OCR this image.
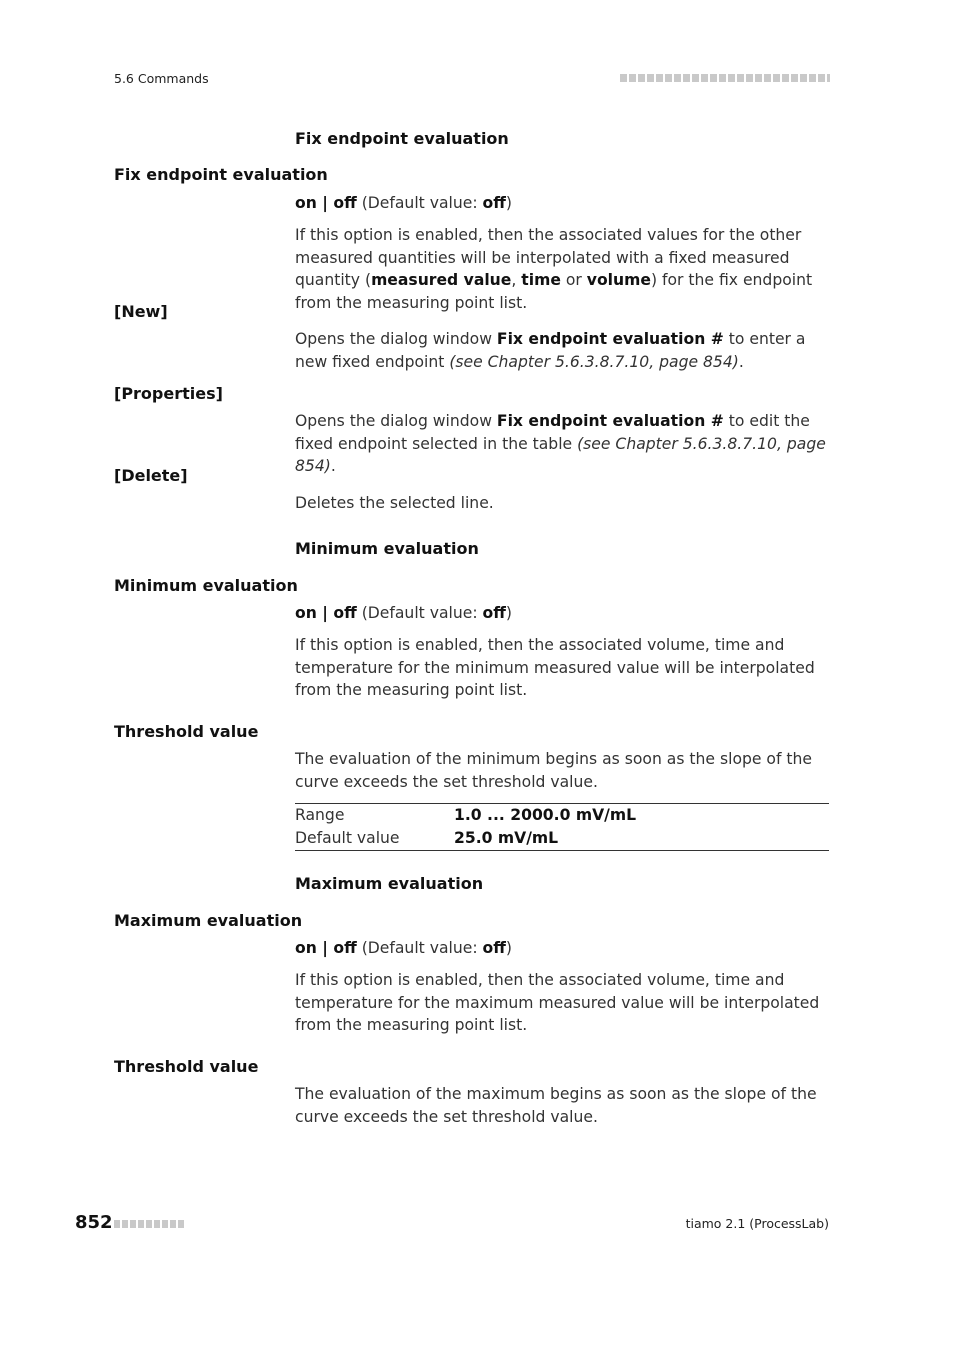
5.6 Commands
Fix endpoint evaluation
Fix endpoint evaluation
on | off (Default value: off)
If this option is enabled, then the associated values for the other measured quantities will be interpolated with a fixed measured quantity (measured value, time or volume) for the fix endpoint from the measuring point list.
[New]
Opens the dialog window Fix endpoint evaluation # to enter a new fixed endpoint (see Chapter 5.6.3.8.7.10, page 854).
[Properties]
Opens the dialog window Fix endpoint evaluation # to edit the fixed endpoint selected in the table (see Chapter 5.6.3.8.7.10, page 854).
[Delete]
Deletes the selected line.
Minimum evaluation
Minimum evaluation
on | off (Default value: off)
If this option is enabled, then the associated volume, time and temperature for the minimum measured value will be interpolated from the measuring point list.
Threshold value
The evaluation of the minimum begins as soon as the slope of the curve exceeds the set threshold value.
Range	1.0 ... 2000.0 mV/mL
Default value	25.0 mV/mL
Maximum evaluation
Maximum evaluation
on | off (Default value: off)
If this option is enabled, then the associated volume, time and temperature for the maximum measured value will be interpolated from the measuring point list.
Threshold value
The evaluation of the maximum begins as soon as the slope of the curve exceeds the set threshold value.
852	tiamo 2.1 (ProcessLab)
